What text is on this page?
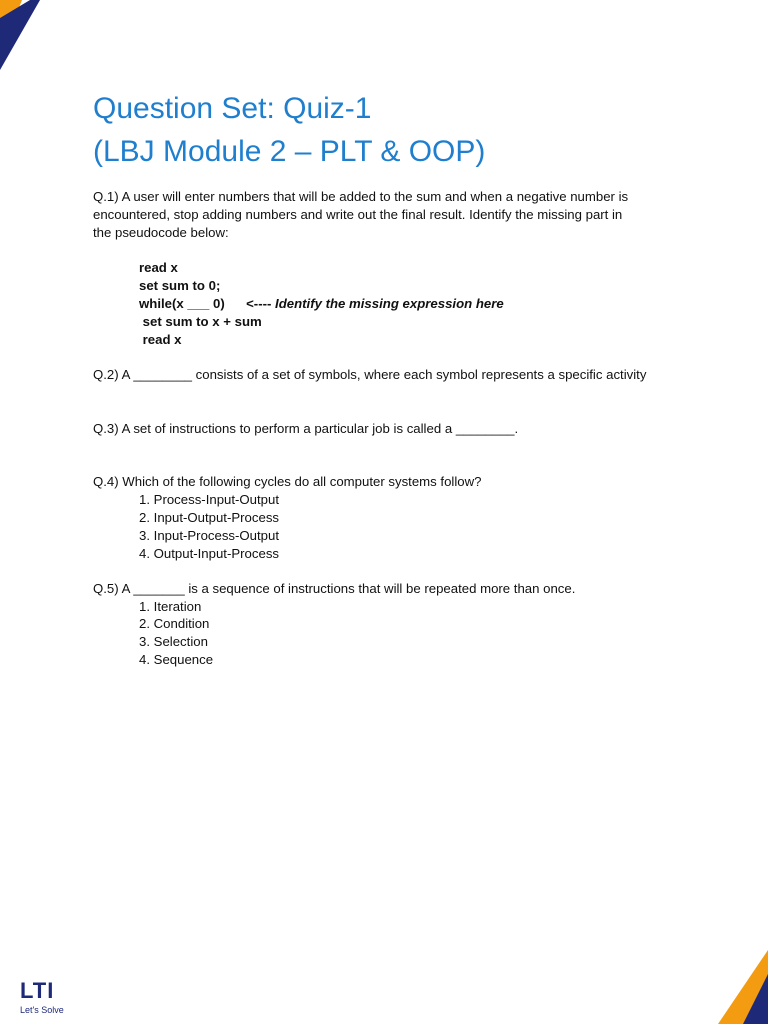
Question Set: Quiz-1
(LBJ Module 2 – PLT & OOP)
Q.1) A user will enter numbers that will be added to the sum and when a negative number is
encountered, stop adding numbers and write out the final result. Identify the missing part in
the pseudocode below:
read x
set sum to 0;
while(x ___ 0) <---- Identify the missing expression here
set sum to x + sum
read x
Q.2) A ________ consists of a set of symbols, where each symbol represents a specific activity
Q.3) A set of instructions to perform a particular job is called a ________.
Q.4) Which of the following cycles do all computer systems follow?
1. Process-Input-Output
2. Input-Output-Process
3. Input-Process-Output
4. Output-Input-Process
Q.5) A _______ is a sequence of instructions that will be repeated more than once.
1. Iteration
2. Condition
3. Selection
4. Sequence
LTI
Let's Solve
